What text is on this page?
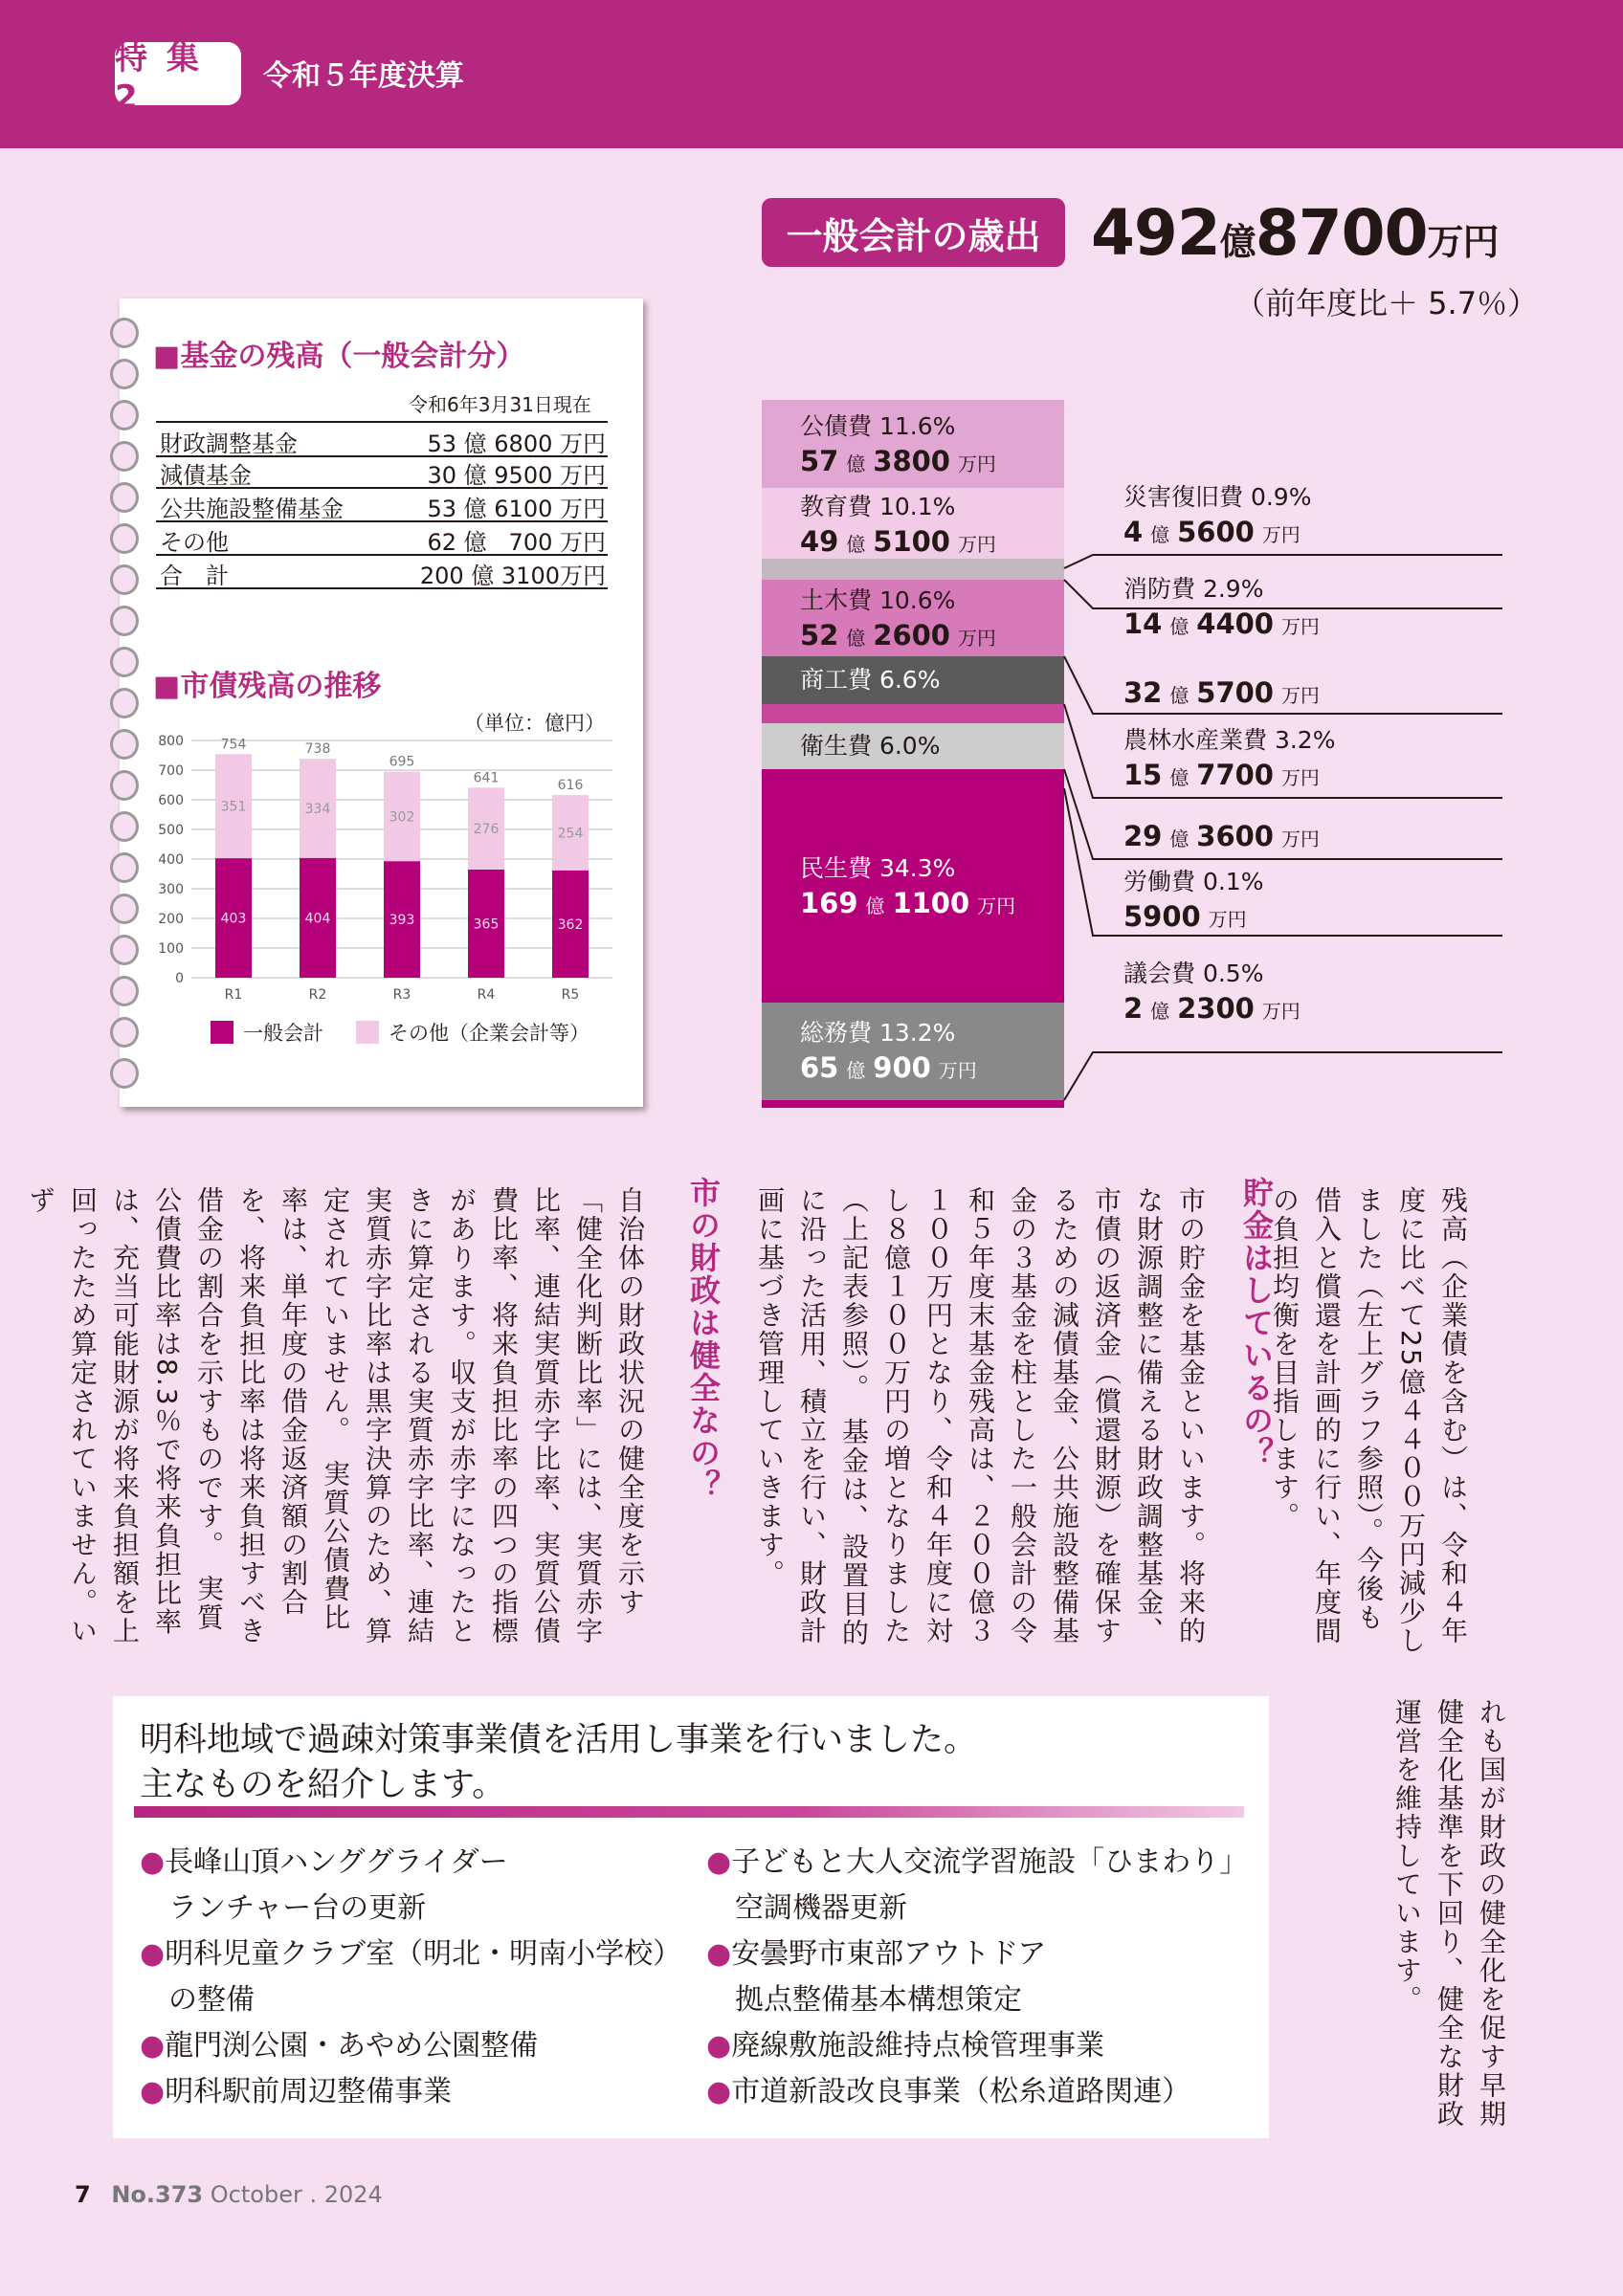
特 集 2
令和５年度決算
一般会計の歳出 492億8700万円
（前年度比＋ 5.7％）
■基金の残高（一般会計分）
令和6年3月31日現在
財政調整基金	53 億 6800 万円
減債基金	30 億 9500 万円
公共施設整備基金	53 億 6100 万円
その他	62 億   700 万円
合　計	200 億 3100万円
■市債残高の推移
（単位：億円）
0
100
200
300
400
500
600
700
800
403
351
754
R1
404
334
738
R2
393
302
695
R3
365
276
641
R4
362
254
616
R5
一般会計	その他（企業会計等）
公債費 11.6%
57 億 3800 万円
教育費 10.1%
49 億 5100 万円
土木費 10.6%
52 億 2600 万円
商工費 6.6%
衛生費 6.0%
民生費 34.3%
169 億 1100 万円
総務費 13.2%
65 億 900 万円
災害復旧費 0.9%
4 億 5600 万円
消防費 2.9%
14 億 4400 万円
32 億 5700 万円
農林水産業費 3.2%
15 億 7700 万円
29 億 3600 万円
労働費 0.1%
5900 万円
議会費 0.5%
2 億 2300 万円
残高（企業債を含む）は、令和４年度に比べて25億４４００万円減少しました（左上グラフ参照）。今後も借入と償還を計画的に行い、年度間の負担均衡を目指します。
貯金はしているの？
市の貯金を基金といいます。将来的な財源調整に備える財政調整基金、市債の返済金（償還財源）を確保するための減債基金、公共施設整備基金の３基金を柱とした一般会計の令和５年度末基金残高は、２００億３１００万円となり、令和４年度に対し８億１００万円の増となりました（上記表参照）。　基金は、設置目的に沿った活用、積立を行い、財政計画に基づき管理していきます。
市の財政は健全なの？
自治体の財政状況の健全度を示す「健全化判断比率」には、実質赤字比率、連結実質赤字比率、実質公債費比率、将来負担比率の四つの指標があります。収支が赤字になったときに算定される実質赤字比率、連結実質赤字比率は黒字決算のため、算定されていません。　実質公債費比率は、単年度の借金返済額の割合を、将来負担比率は将来負担すべき借金の割合を示すものです。　実質公債費比率は8.3％で将来負担比率は、充当可能財源が将来負担額を上回ったため算定されていません。いず
れも国が財政の健全化を促す早期健全化基準を下回り、健全な財政運営を維持しています。
明科地域で過疎対策事業債を活用し事業を行いました。
主なものを紹介します。
●長峰山頂ハンググライダー
ランチャー台の更新
●明科児童クラブ室（明北・明南小学校）
の整備
●龍門渕公園・あやめ公園整備
●明科駅前周辺整備事業
●子どもと大人交流学習施設「ひまわり」
空調機器更新
●安曇野市東部アウトドア
拠点整備基本構想策定
●廃線敷施設維持点検管理事業
●市道新設改良事業（松糸道路関連）
7 No.373 October . 2024
